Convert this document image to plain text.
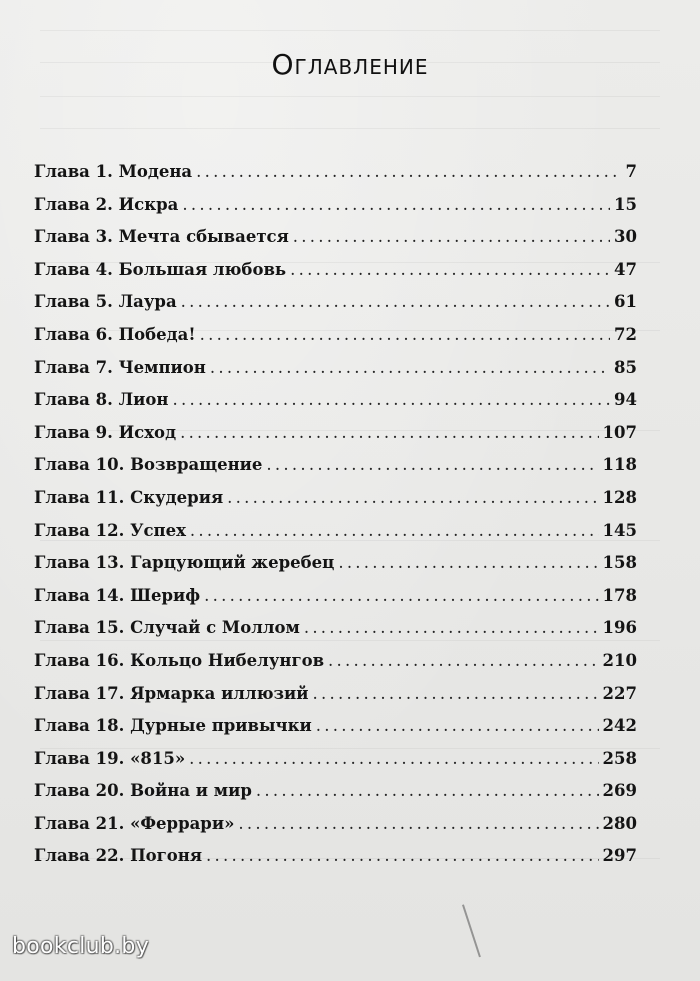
Оглавление
Глава 1. Модена . . .	7
Глава 2. Искра . . .	15
Глава 3. Мечта сбывается . . .	30
Глава 4. Большая любовь . . .	47
Глава 5. Лаура . . .	61
Глава 6. Победа! . . .	72
Глава 7. Чемпион . . .	85
Глава 8. Лион . . .	94
Глава 9. Исход . . .	107
Глава 10. Возвращение . . .	118
Глава 11. Скудерия . . .	128
Глава 12. Успех . . .	145
Глава 13. Гарцующий жеребец . . .	158
Глава 14. Шериф . . .	178
Глава 15. Случай с Моллом . . .	196
Глава 16. Кольцо Нибелунгов . . .	210
Глава 17. Ярмарка иллюзий . . .	227
Глава 18. Дурные привычки . . .	242
Глава 19. «815» . . .	258
Глава 20. Война и мир . . .	269
Глава 21. «Феррари» . . .	280
Глава 22. Погоня . . .	297
bookclub.by
